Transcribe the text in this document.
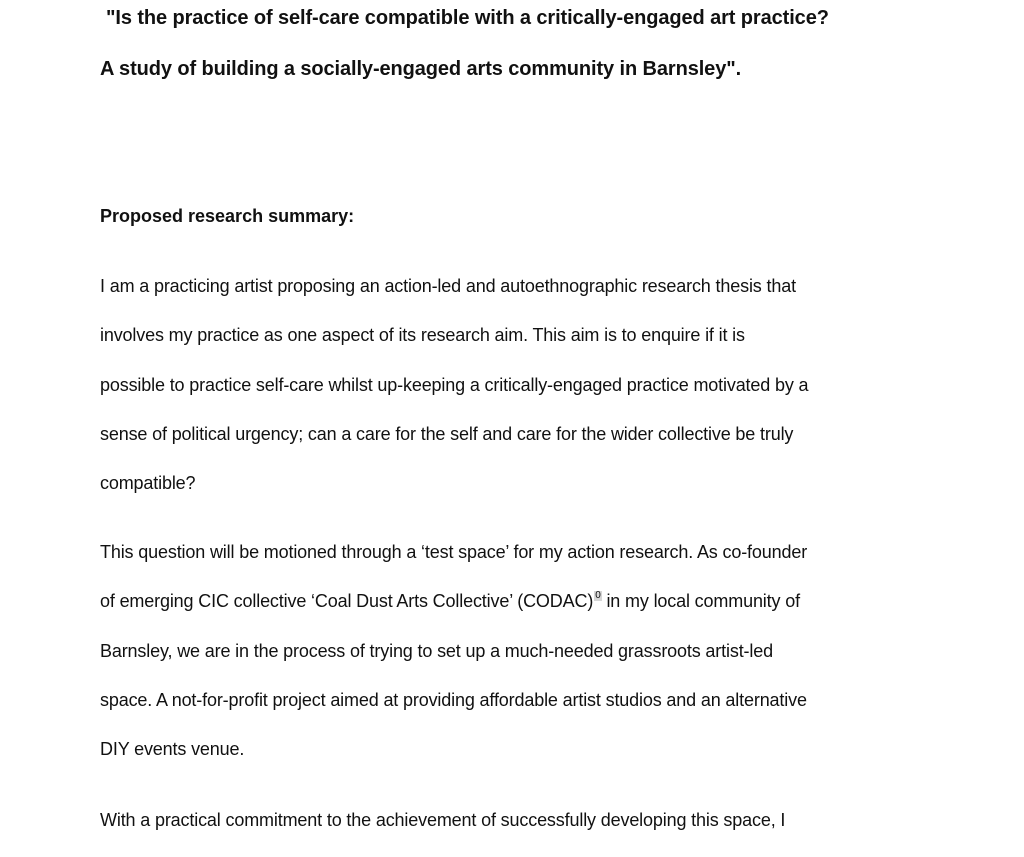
"Is the practice of self-care compatible with a critically-engaged art practice?
A study of building a socially-engaged arts community in Barnsley".
Proposed research summary:
I am a practicing artist proposing an action-led and autoethnographic research thesis that
involves my practice as one aspect of its research aim. This aim is to enquire if it is
possible to practice self-care whilst up-keeping a critically-engaged practice motivated by a
sense of political urgency; can a care for the self and care for the wider collective be truly
compatible?
This question will be motioned through a ‘test space’ for my action research. As co-founder
of emerging CIC collective ‘Coal Dust Arts Collective’ (CODAC) 0 in my local community of
Barnsley, we are in the process of trying to set up a much-needed grassroots artist-led
space. A not-for-profit project aimed at providing affordable artist studios and an alternative
DIY events venue.
With a practical commitment to the achievement of successfully developing this space, I
